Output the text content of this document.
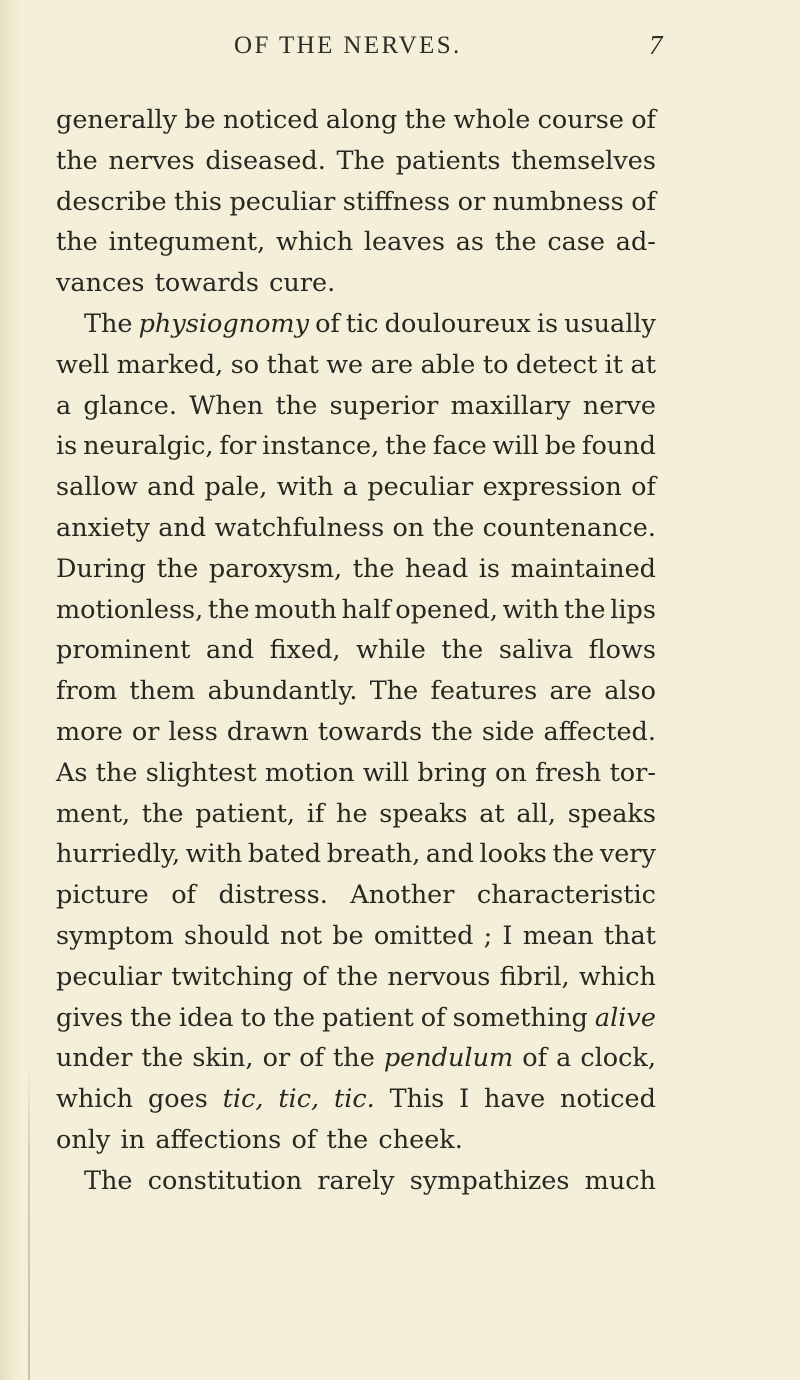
OF THE NERVES.	7
generally be noticed along the whole course of
the nerves diseased. The patients themselves
describe this peculiar stiffness or numbness of
the integument, which leaves as the case ad-
vances towards cure.
The physiognomy of tic douloureux is usually
well marked, so that we are able to detect it at
a glance. When the superior maxillary nerve
is neuralgic, for instance, the face will be found
sallow and pale, with a peculiar expression of
anxiety and watchfulness on the countenance.
During the paroxysm, the head is maintained
motionless, the mouth half opened, with the lips
prominent and fixed, while the saliva flows
from them abundantly. The features are also
more or less drawn towards the side affected.
As the slightest motion will bring on fresh tor-
ment, the patient, if he speaks at all, speaks
hurriedly, with bated breath, and looks the very
picture of distress. Another characteristic
symptom should not be omitted ; I mean that
peculiar twitching of the nervous fibril, which
gives the idea to the patient of something alive
under the skin, or of the pendulum of a clock,
which goes tic, tic, tic. This I have noticed
only in affections of the cheek.
The constitution rarely sympathizes much
